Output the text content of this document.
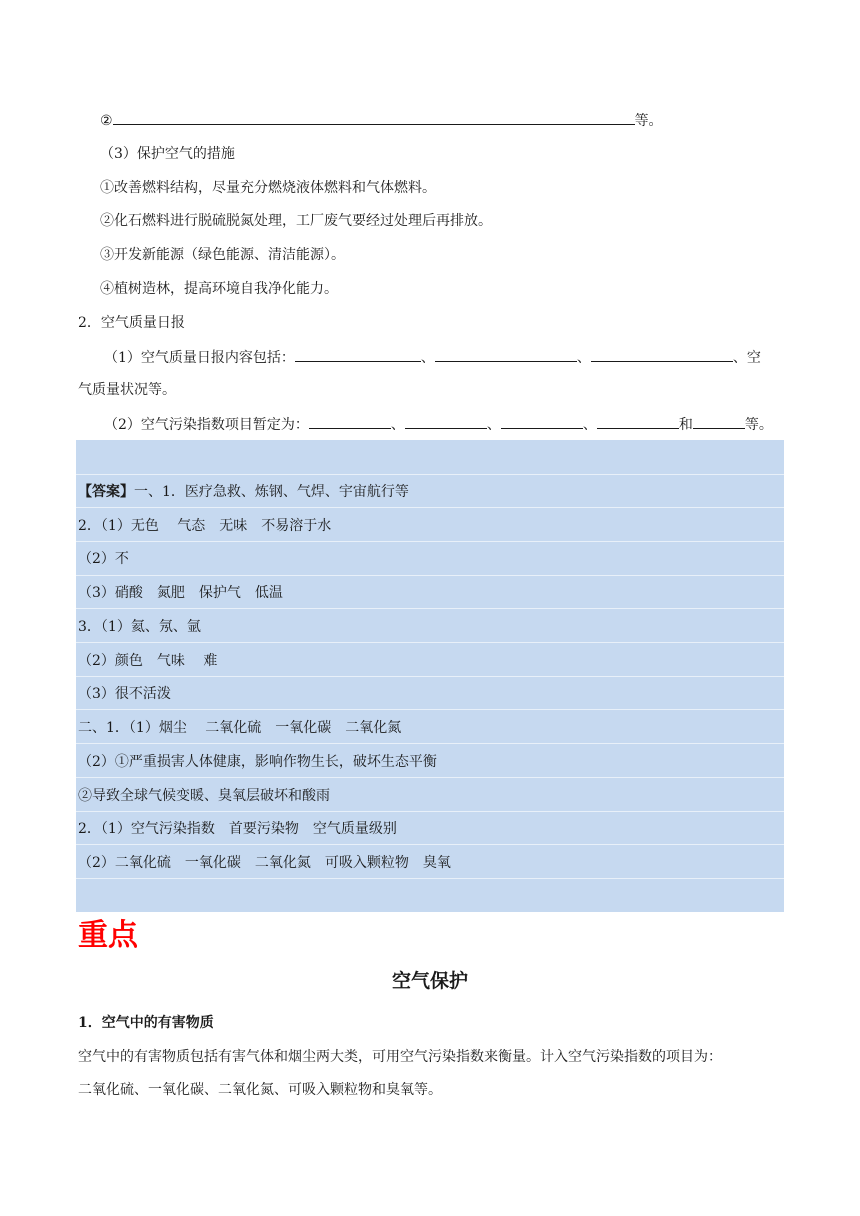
②	等。
（3）保护空气的措施
①改善燃料结构，尽量充分燃烧液体燃料和气体燃料。
②化石燃料进行脱硫脱氮处理，工厂废气要经过处理后再排放。
③开发新能源（绿色能源、清洁能源）。
④植树造林，提高环境自我净化能力。
2．空气质量日报
（1）空气质量日报内容包括：	、	、	、空
气质量状况等。
（2）空气污染指数项目暂定为：	、	、	、	和	等。
【答案】一、1．医疗急救、炼钢、气焊、宇宙航行等
2．（1）无色　 气态　无味　不易溶于水
（2）不
（3）硝酸　氮肥　保护气　低温
3．（1）氦、氖、氩
（2）颜色　气味　 难
（3）很不活泼
二、1．（1）烟尘　 二氧化硫　一氧化碳　二氧化氮
（2）①严重损害人体健康，影响作物生长，破坏生态平衡
②导致全球气候变暖、臭氧层破坏和酸雨
2．（1）空气污染指数　首要污染物　空气质量级别
（2）二氧化硫　一氧化碳　二氧化氮　可吸入颗粒物　臭氧
重点
空气保护
1．空气中的有害物质
空气中的有害物质包括有害气体和烟尘两大类，可用空气污染指数来衡量。计入空气污染指数的项目为：
二氧化硫、一氧化碳、二氧化氮、可吸入颗粒物和臭氧等。
